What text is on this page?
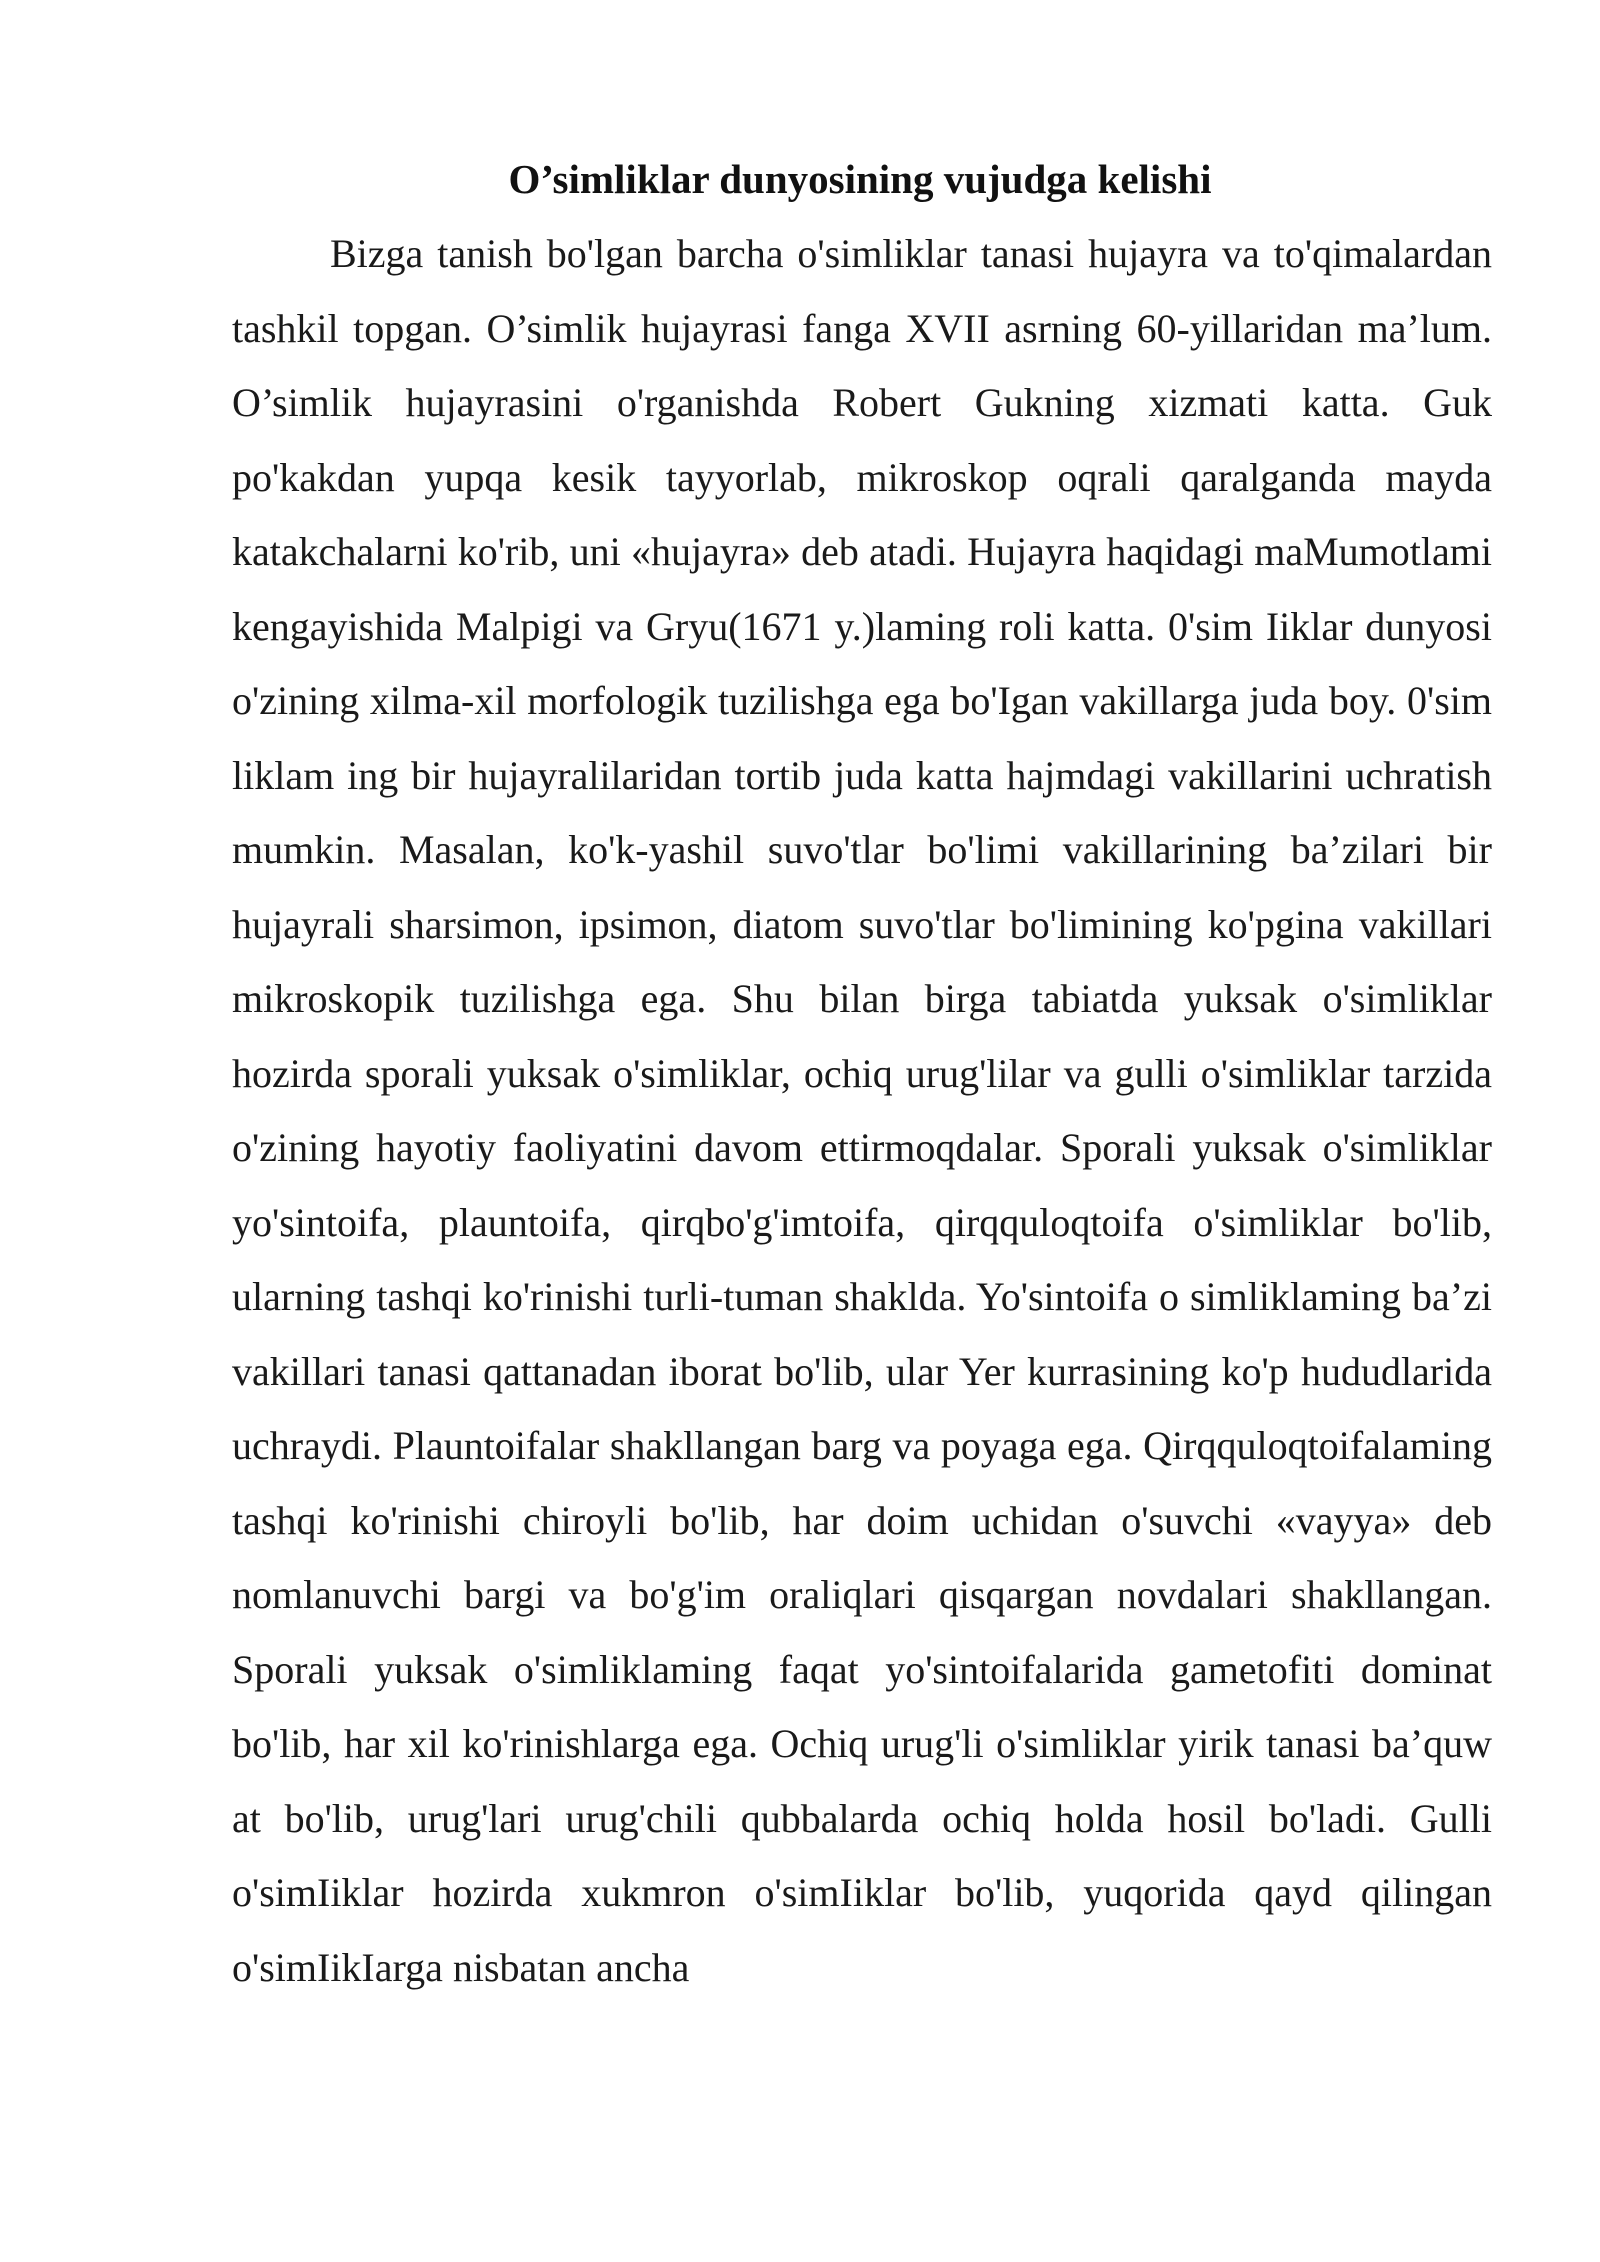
O’simliklar dunyosining vujudga kelishi

Bizga tanish bo'lgan barcha o'simliklar tanasi hujayra va to'qimalardan tashkil topgan. O’simlik hujayrasi fanga XVII asrning 60-yillaridan ma’lum. O’simlik hujayrasini o'rganishda Robert Gukning xizmati katta. Guk po'kakdan yupqa kesik tayyorlab, mikroskop oqrali qaralganda mayda katakchalarni ko'rib, uni «hujayra» deb atadi. Hujayra haqidagi maMumotlami kengayishida Malpigi va Gryu(1671 y.)laming roli katta. 0'sim Iiklar dunyosi o'zining xilma-xil morfologik tuzilishga ega bo'Igan vakillarga juda boy. 0'sim liklam ing bir hujayralilaridan tortib juda katta hajmdagi vakillarini uchratish mumkin. Masalan, ko'k-yashil suvo'tlar bo'limi vakillarining ba’zilari bir hujayrali sharsimon, ipsimon, diatom suvo'tlar bo'limining ko'pgina vakillari mikroskopik tuzilishga ega. Shu bilan birga tabiatda yuksak o'simliklar hozirda sporali yuksak o'simliklar, ochiq urug'lilar va gulli o'simliklar tarzida o'zining hayotiy faoliyatini davom ettirmoqdalar. Sporali yuksak o'simliklar yo'sintoifa, plauntoifa, qirqbo'g'imtoifa, qirqquloqtoifa o'simliklar bo'lib, ularning tashqi ko'rinishi turli-tuman shaklda. Yo'sintoifa o simliklaming ba’zi vakillari tanasi qattanadan iborat bo'lib, ular Yer kurrasining ko'p hududlarida uchraydi. Plauntoifalar shakllangan barg va poyaga ega. Qirqquloqtoifalaming tashqi ko'rinishi chiroyli bo'lib, har doim uchidan o'suvchi «vayya» deb nomlanuvchi bargi va bo'g'im oraliqlari qisqargan novdalari shakllangan. Sporali yuksak o'simliklaming faqat yo'sintoifalarida gametofiti dominat bo'lib, har xil ko'rinishlarga ega. Ochiq urug'li o'simliklar yirik tanasi ba’quw at bo'lib, urug'lari urug'chili qubbalarda ochiq holda hosil bo'ladi. Gulli o'simIiklar hozirda xukmron o'simIiklar bo'lib, yuqorida qayd qilingan o'simIikIarga nisbatan ancha
